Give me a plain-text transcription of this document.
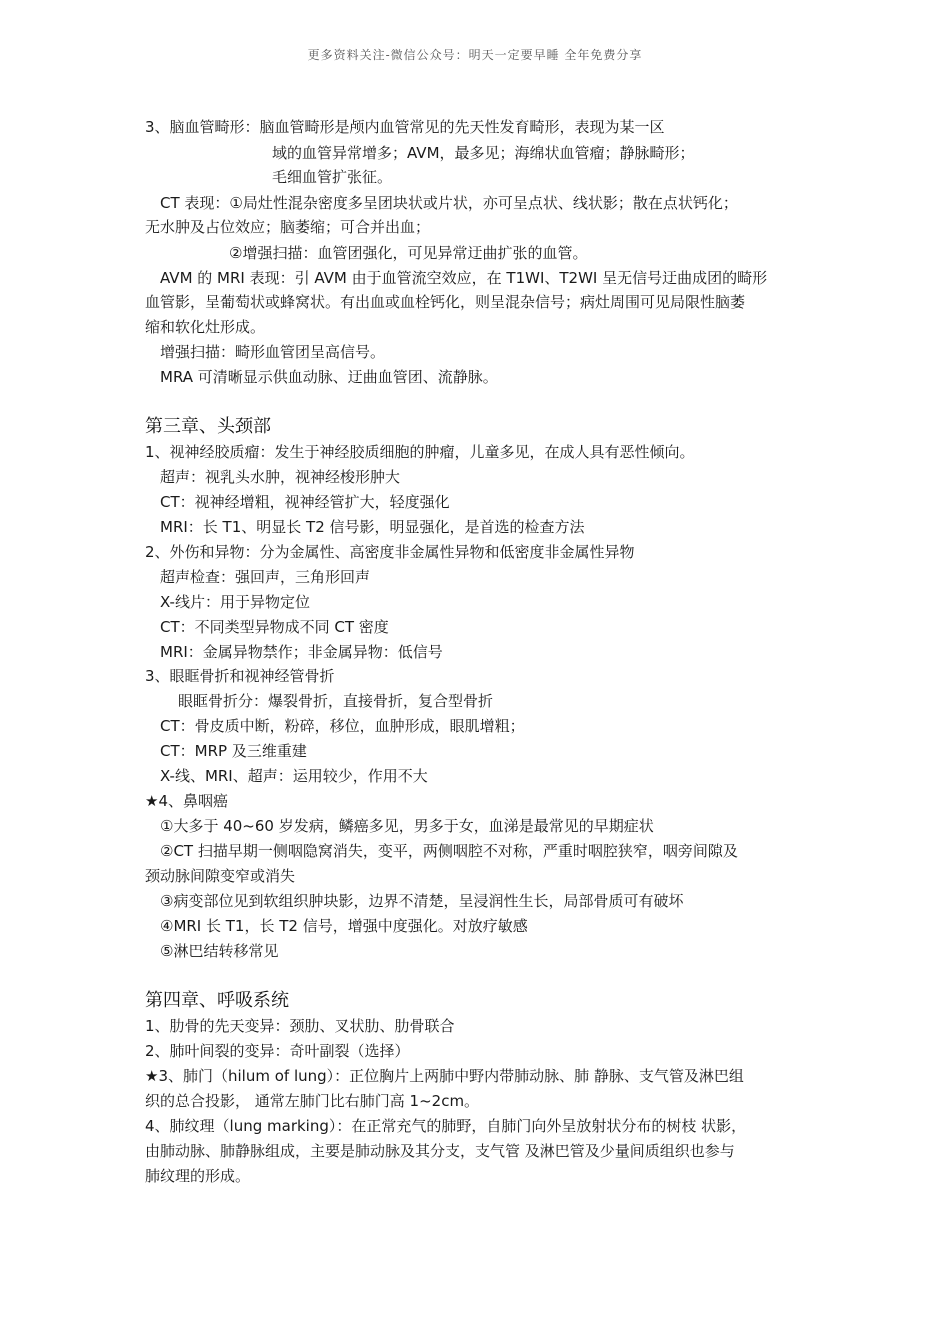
更多资料关注-微信公众号：明天一定要早睡 全年免费分享
3、脑血管畸形：脑血管畸形是颅内血管常见的先天性发育畸形，表现为某一区
域的血管异常增多；AVM，最多见；海绵状血管瘤；静脉畸形；
毛细血管扩张征。
CT 表现：①局灶性混杂密度多呈团块状或片状，亦可呈点状、线状影；散在点状钙化；
无水肿及占位效应；脑萎缩；可合并出血；
②增强扫描：血管团强化，可见异常迂曲扩张的血管。
AVM 的 MRI 表现：引 AVM 由于血管流空效应，在 T1WI、T2WI 呈无信号迂曲成团的畸形
血管影，呈葡萄状或蜂窝状。有出血或血栓钙化，则呈混杂信号；病灶周围可见局限性脑萎
缩和软化灶形成。
增强扫描：畸形血管团呈高信号。
MRA 可清晰显示供血动脉、迂曲血管团、流静脉。
第三章、头颈部
1、视神经胶质瘤：发生于神经胶质细胞的肿瘤，儿童多见，在成人具有恶性倾向。
超声：视乳头水肿，视神经梭形肿大
CT：视神经增粗，视神经管扩大，轻度强化
MRI：长 T1、明显长 T2 信号影，明显强化，是首选的检查方法
2、外伤和异物：分为金属性、高密度非金属性异物和低密度非金属性异物
超声检查：强回声，三角形回声
X-线片：用于异物定位
CT：不同类型异物成不同 CT 密度
MRI：金属异物禁作；非金属异物：低信号
3、眼眶骨折和视神经管骨折
眼眶骨折分：爆裂骨折，直接骨折，复合型骨折
CT：骨皮质中断，粉碎，移位，血肿形成，眼肌增粗；
CT：MRP 及三维重建
X-线、MRI、超声：运用较少，作用不大
★4、鼻咽癌
①大多于 40~60 岁发病，鳞癌多见，男多于女，血涕是最常见的早期症状
②CT 扫描早期一侧咽隐窝消失，变平，两侧咽腔不对称，严重时咽腔狭窄，咽旁间隙及
颈动脉间隙变窄或消失
③病变部位见到软组织肿块影，边界不清楚，呈浸润性生长，局部骨质可有破坏
④MRI 长 T1，长 T2 信号，增强中度强化。对放疗敏感
⑤淋巴结转移常见
第四章、呼吸系统
1、肋骨的先天变异：颈肋、叉状肋、肋骨联合
2、肺叶间裂的变异：奇叶副裂（选择）
★3、肺门（hilum of lung）：正位胸片上两肺中野内带肺动脉、肺 静脉、支气管及淋巴组
织的总合投影， 通常左肺门比右肺门高 1~2cm。
4、肺纹理（lung marking）：在正常充气的肺野，自肺门向外呈放射状分布的树枝 状影，
由肺动脉、肺静脉组成，主要是肺动脉及其分支，支气管 及淋巴管及少量间质组织也参与
肺纹理的形成。
